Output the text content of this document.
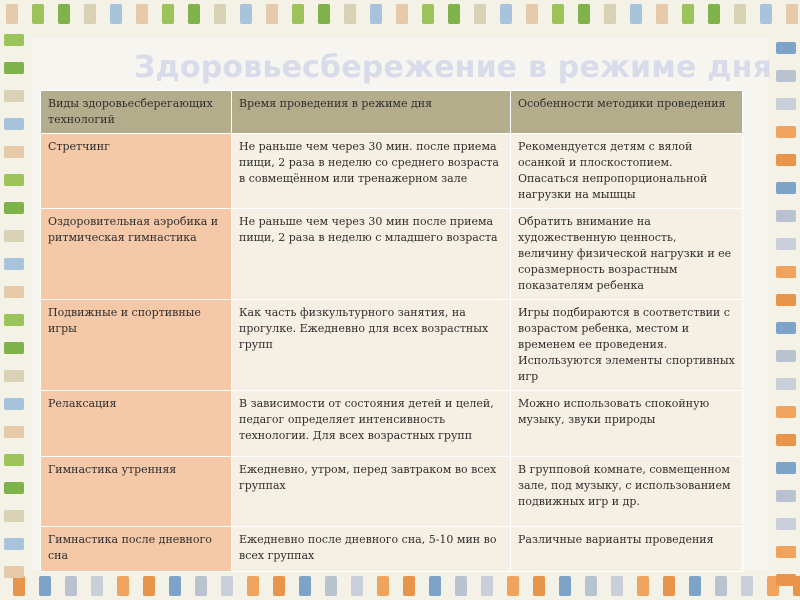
Здоровьесбережение в режиме дня
Виды здоровьесберегающих технологий	Время проведения в режиме дня	Особенности методики проведения
Стретчинг	Не раньше чем через 30 мин. после приема пищи, 2 раза в неделю со среднего возраста в совмещённом или тренажерном зале	Рекомендуется детям с вялой осанкой и плоскостопием. Опасаться непропорциональной нагрузки на мышцы
Оздоровительная аэробика и ритмическая гимнастика	Не раньше чем через 30 мин после приема пищи, 2 раза в неделю с младшего возраста	Обратить внимание на художественную ценность, величину физической нагрузки и ее соразмерность возрастным показателям ребенка
Подвижные и спортивные игры	Как часть физкультурного занятия, на прогулке. Ежедневно для всех возрастных групп	Игры подбираются в соответствии с возрастом ребенка, местом и временем ее проведения. Используются элементы спортивных игр
Релаксация	В зависимости от состояния детей и целей, педагог определяет интенсивность технологии. Для всех возрастных групп	Можно использовать спокойную музыку, звуки природы
Гимнастика утренняя	Ежедневно, утром, перед завтраком во всех группах	В групповой комнате, совмещенном зале, под музыку, с использованием подвижных игр и др.
Гимнастика после дневного сна	Ежедневно после дневного сна, 5-10 мин во всех группах	Различные варианты проведения
